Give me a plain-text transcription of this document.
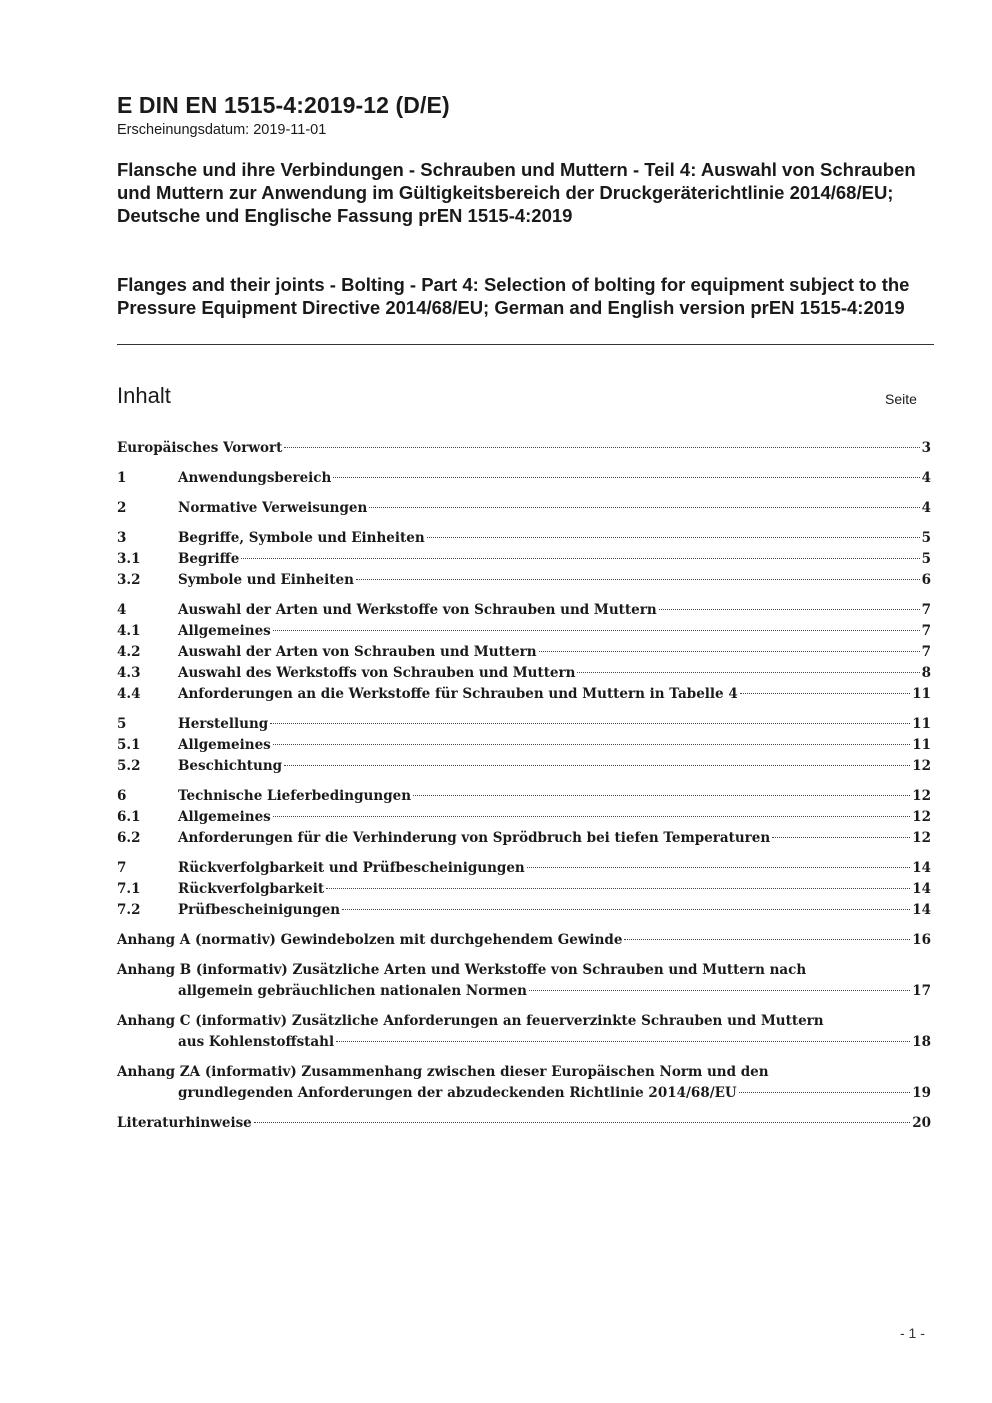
E DIN EN 1515-4:2019-12 (D/E)
Erscheinungsdatum: 2019-11-01
Flansche und ihre Verbindungen - Schrauben und Muttern - Teil 4: Auswahl von Schrauben und Muttern zur Anwendung im Gültigkeitsbereich der Druckgeräterichtlinie 2014/68/EU; Deutsche und Englische Fassung prEN 1515-4:2019
Flanges and their joints - Bolting - Part 4: Selection of bolting for equipment subject to the Pressure Equipment Directive 2014/68/EU; German and English version prEN 1515-4:2019
Inhalt	Seite
Europäisches Vorwort	3
1	Anwendungsbereich	4
2	Normative Verweisungen	4
3	Begriffe, Symbole und Einheiten	5
3.1	Begriffe	5
3.2	Symbole und Einheiten	6
4	Auswahl der Arten und Werkstoffe von Schrauben und Muttern	7
4.1	Allgemeines	7
4.2	Auswahl der Arten von Schrauben und Muttern	7
4.3	Auswahl des Werkstoffs von Schrauben und Muttern	8
4.4	Anforderungen an die Werkstoffe für Schrauben und Muttern in Tabelle 4	11
5	Herstellung	11
5.1	Allgemeines	11
5.2	Beschichtung	12
6	Technische Lieferbedingungen	12
6.1	Allgemeines	12
6.2	Anforderungen für die Verhinderung von Sprödbruch bei tiefen Temperaturen	12
7	Rückverfolgbarkeit und Prüfbescheinigungen	14
7.1	Rückverfolgbarkeit	14
7.2	Prüfbescheinigungen	14
Anhang A (normativ) Gewindebolzen mit durchgehendem Gewinde	16
Anhang B (informativ) Zusätzliche Arten und Werkstoffe von Schrauben und Muttern nach
allgemein gebräuchlichen nationalen Normen	17
Anhang C (informativ) Zusätzliche Anforderungen an feuerverzinkte Schrauben und Muttern
aus Kohlenstoffstahl	18
Anhang ZA (informativ) Zusammenhang zwischen dieser Europäischen Norm und den
grundlegenden Anforderungen der abzudeckenden Richtlinie 2014/68/EU	19
Literaturhinweise	20
- 1 -
